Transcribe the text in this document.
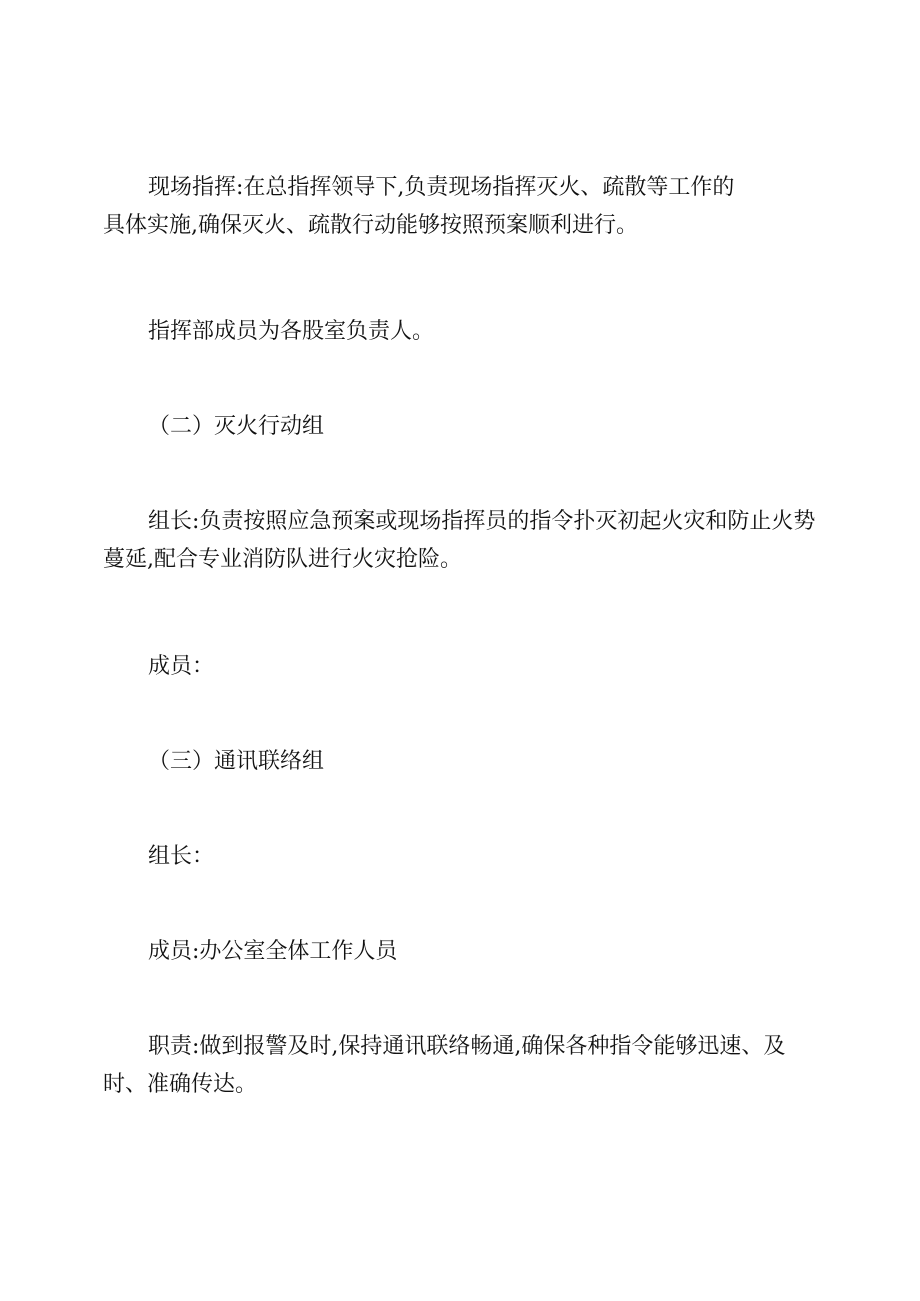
现场指挥:在总指挥领导下,负责现场指挥灭火、疏散等工作的
具体实施,确保灭火、疏散行动能够按照预案顺利进行。
指挥部成员为各股室负责人。
（二）灭火行动组
组长:负责按照应急预案或现场指挥员的指令扑灭初起火灾和防止火势
蔓延,配合专业消防队进行火灾抢险。
成员：
（三）通讯联络组
组长：
成员:办公室全体工作人员
职责:做到报警及时,保持通讯联络畅通,确保各种指令能够迅速、及
时、准确传达。
